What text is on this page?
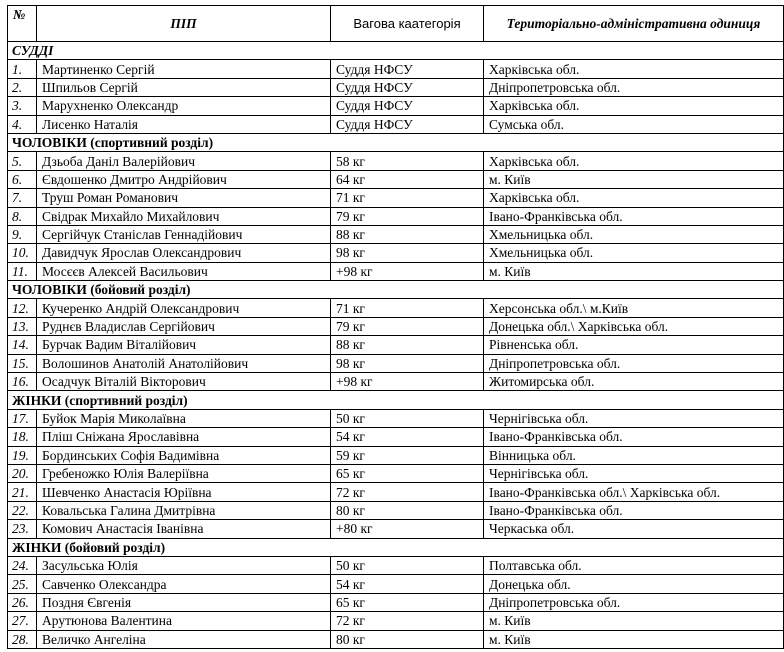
№	ПІП	Вагова каатегорія	Територіально-адміністративна одиниця
СУДДІ			
1.	Мартиненко Сергій	Суддя НФСУ	Харківська обл.
2.	Шпильов Сергій	Суддя НФСУ	Дніпропетровська обл.
3.	Марухненко Олександр	Суддя НФСУ	Харківська обл.
4.	Лисенко Наталія	Суддя НФСУ	Сумська обл.
ЧОЛОВІКИ (спортивний розділ)			
5.	Дзьоба Даніл Валерійович	58 кг	Харківська обл.
6.	Євдошенко Дмитро Андрійович	64 кг	м. Київ
7.	Труш Роман Романович	71 кг	Харківська обл.
8.	Свідрак Михайло Михайлович	79 кг	Івано-Франківська обл.
9.	Сергійчук Станіслав Геннадійович	88 кг	Хмельницька обл.
10.	Давидчук Ярослав Олександрович	98 кг	Хмельницька обл.
11.	Мосєєв Алексей Васильович	+98 кг	м. Київ
ЧОЛОВІКИ (бойовий розділ)			
12.	Кучеренко Андрій Олександрович	71 кг	Херсонська обл.\ м.Київ
13.	Руднєв Владислав Сергійович	79 кг	Донецька обл.\ Харківська обл.
14.	Бурчак Вадим Віталійович	88 кг	Рівненська обл.
15.	Волошинов Анатолій Анатолійович	98 кг	Дніпропетровська обл.
16.	Осадчук Віталій Вікторович	+98 кг	Житомирська обл.
ЖІНКИ (спортивний розділ)			
17.	Буйок Марія Миколаївна	50 кг	Чернігівська обл.
18.	Пліш Сніжана Ярославівна	54 кг	Івано-Франківська обл.
19.	Бординських Софія Вадимівна	59 кг	Вінницька обл.
20.	Гребеножко Юлія Валеріївна	65 кг	Чернігівська обл.
21.	Шевченко Анастасія Юріївна	72 кг	Івано-Франківська обл.\ Харківська обл.
22.	Ковальська Галина Дмитрівна	80 кг	Івано-Франківська обл.
23.	Комович Анастасія Іванівна	+80 кг	Черкаська обл.
ЖІНКИ (бойовий розділ)			
24.	Засульська Юлія	50 кг	Полтавська обл.
25.	Савченко Олександра	54 кг	Донецька обл.
26.	Поздня Євгенія	65 кг	Дніпропетровська обл.
27.	Арутюнова Валентина	72 кг	м. Київ
28.	Величко Ангеліна	80 кг	м. Київ
